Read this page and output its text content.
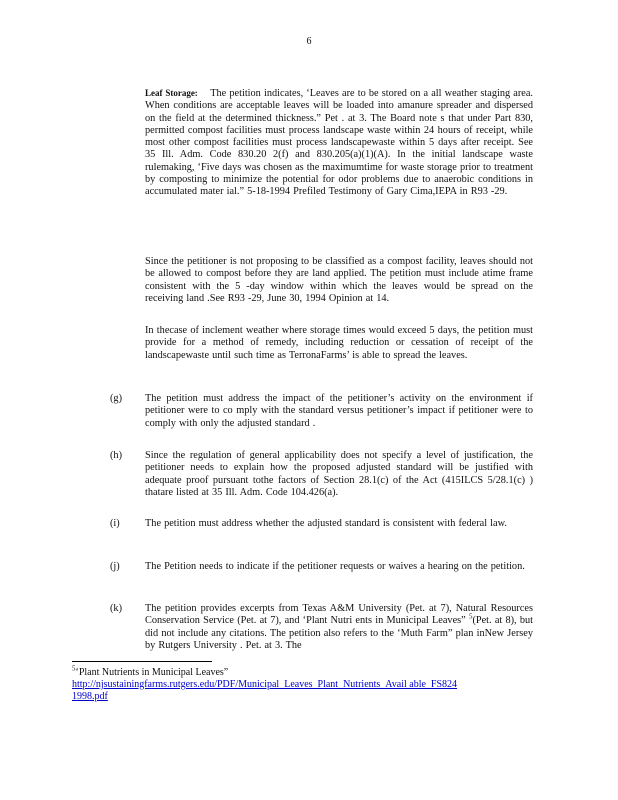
6
Leaf Storage: The petition indicates, ‘Leaves are to be stored on a all weather staging area. When conditions are acceptable leaves will be loaded into amanure spreader and dispersed on the field at the determined thickness.” Pet . at 3. The Board note s that under Part 830, permitted compost facilities must process landscape waste within 24 hours of receipt, while most other compost facilities must process landscapewaste within 5 days after receipt. See 35 Ill. Adm. Code 830.20 2(f) and 830.205(a)(1)(A). In the initial landscape waste rulemaking, ‘Five days was chosen as the maximumtime for waste storage prior to treatment by composting to minimize the potential for odor problems due to anaerobic conditions in accumulated mater ial.” 5-18-1994 Prefiled Testimony of Gary Cima,IEPA in R93 -29.
Since the petitioner is not proposing to be classified as a compost facility, leaves should not be allowed to compost before they are land applied. The petition must include atime frame consistent with the 5 -day window within which the leaves would be spread on the receiving land .See R93 -29, June 30, 1994 Opinion at 14.
In thecase of inclement weather where storage times would exceed 5 days, the petition must provide for a method of remedy, including reduction or cessation of receipt of the landscapewaste until such time as TerronaFarms’ is able to spread the leaves.
(g) The petition must address the impact of the petitioner’s activity on the environment if petitioner were to co mply with the standard versus petitioner’s impact if petitioner were to comply with only the adjusted standard .
(h) Since the regulation of general applicability does not specify a level of justification, the petitioner needs to explain how the proposed adjusted standard will be justified with adequate proof pursuant tothe factors of Section 28.1(c) of the Act (415ILCS 5/28.1(c) ) thatare listed at 35 Ill. Adm. Code 104.426(a).
(i) The petition must address whether the adjusted standard is consistent with federal law.
(j) The Petition needs to indicate if the petitioner requests or waives a hearing on the petition.
(k) The petition provides excerpts from Texas A&M University (Pet. at 7), Natural Resources Conservation Service (Pet. at 7), and ‘Plant Nutri ents in Municipal Leaves” $^5$(Pet. at 8), but did not include any citations. The petition also refers to the ‘Muth Farm” plan inNew Jersey by Rutgers University . Pet. at 3. The
$^5$‘Plant Nutrients in Municipal Leaves”
http://njsustainingfarms.rutgers.edu/PDF/Municipal_Leaves_Plant_Nutrients_Avail able_FS824
1998.pdf
